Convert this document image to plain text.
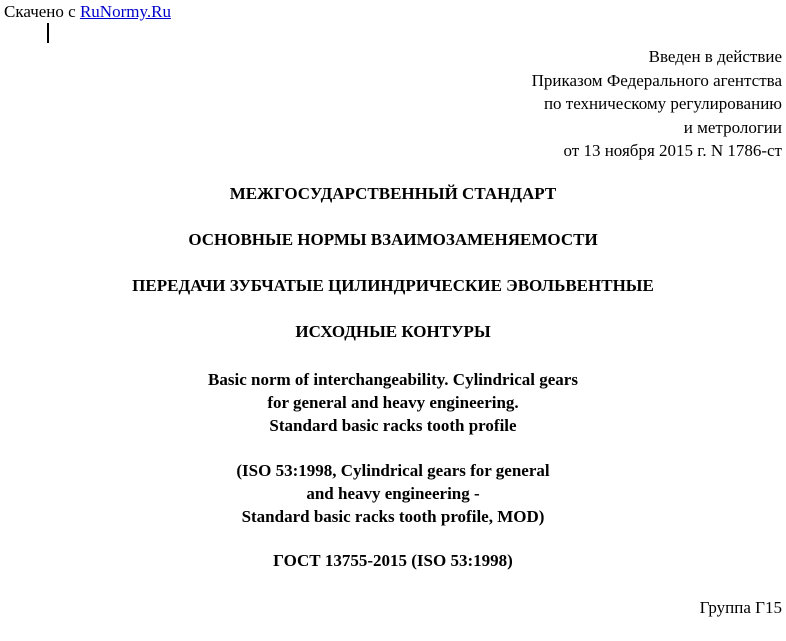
Скачено с RuNormy.Ru
Введен в действие
Приказом Федерального агентства
по техническому регулированию
и метрологии
от 13 ноября 2015 г. N 1786-ст
МЕЖГОСУДАРСТВЕННЫЙ СТАНДАРТ
ОСНОВНЫЕ НОРМЫ ВЗАИМОЗАМЕНЯЕМОСТИ
ПЕРЕДАЧИ ЗУБЧАТЫЕ ЦИЛИНДРИЧЕСКИЕ ЭВОЛЬВЕНТНЫЕ
ИСХОДНЫЕ КОНТУРЫ
Basic norm of interchangeability. Cylindrical gears
for general and heavy engineering.
Standard basic racks tooth profile
(ISO 53:1998, Cylindrical gears for general
and heavy engineering -
Standard basic racks tooth profile, MOD)
ГОСТ 13755-2015 (ISO 53:1998)
Группа Г15
